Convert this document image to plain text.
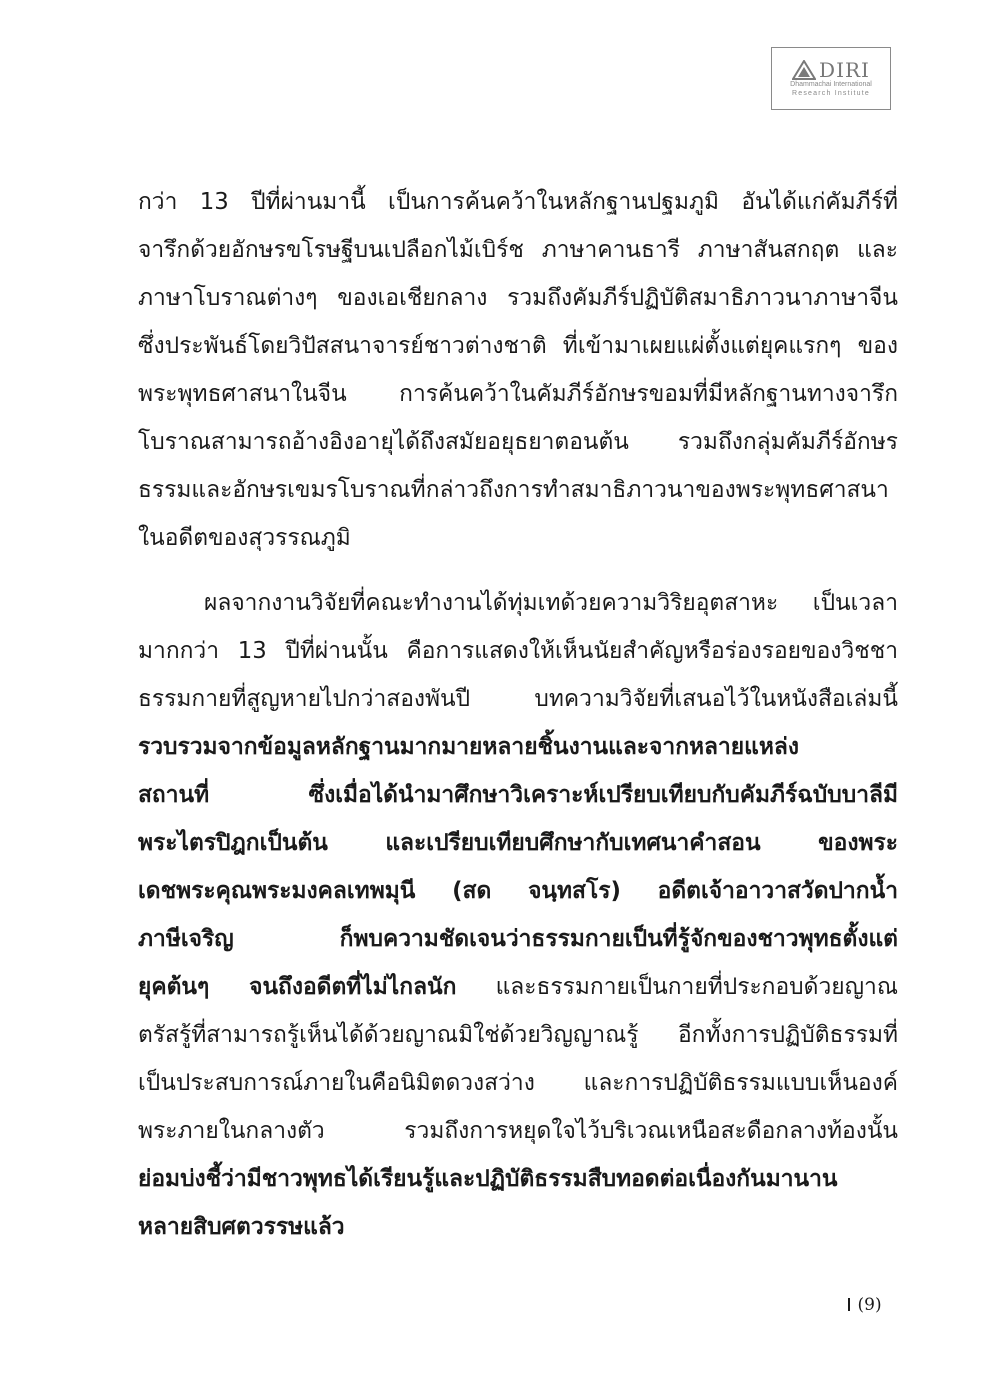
DIRI
Dhammachai International
Research Institute

กว่า 13 ปีที่ผ่านมานี้ เป็นการค้นคว้าในหลักฐานปฐมภูมิ อันได้แก่คัมภีร์ที่

จารึกด้วยอักษรขโรษฐีบนเปลือกไม้เบิร์ช ภาษาคานธารี ภาษาสันสกฤต และ

ภาษาโบราณต่างๆ ของเอเชียกลาง รวมถึงคัมภีร์ปฏิบัติสมาธิภาวนาภาษาจีน

ซึ่งประพันธ์โดยวิปัสสนาจารย์ชาวต่างชาติ ที่เข้ามาเผยแผ่ตั้งแต่ยุคแรกๆ ของ

พระพุทธศาสนาในจีน การค้นคว้าในคัมภีร์อักษรขอมที่มีหลักฐานทางจารึก

โบราณสามารถอ้างอิงอายุได้ถึงสมัยอยุธยาตอนต้น รวมถึงกลุ่มคัมภีร์อักษร

ธรรมและอักษรเขมรโบราณที่กล่าวถึงการทำสมาธิภาวนาของพระพุทธศาสนา

ในอดีตของสุวรรณภูมิ

ผลจากงานวิจัยที่คณะทำงานได้ทุ่มเทด้วยความวิริยอุตสาหะ เป็นเวลา

มากกว่า 13 ปีที่ผ่านนั้น คือการแสดงให้เห็นนัยสำคัญหรือร่องรอยของวิชชา

ธรรมกายที่สูญหายไปกว่าสองพันปี บทความวิจัยที่เสนอไว้ในหนังสือเล่มนี้

รวบรวมจากข้อมูลหลักฐานมากมายหลายชิ้นงานและจากหลายแหล่ง

สถานที่ ซึ่งเมื่อได้นำมาศึกษาวิเคราะห์เปรียบเทียบกับคัมภีร์ฉบับบาลีมี

พระไตรปิฎกเป็นต้น และเปรียบเทียบศึกษากับเทศนาคำสอน ของพระ

เดชพระคุณพระมงคลเทพมุนี (สด จนฺทสโร) อดีตเจ้าอาวาสวัดปากน้ำ

ภาษีเจริญ ก็พบความชัดเจนว่าธรรมกายเป็นที่รู้จักของชาวพุทธตั้งแต่

ยุคต้นๆ จนถึงอดีตที่ไม่ไกลนัก และธรรมกายเป็นกายที่ประกอบด้วยญาณ

ตรัสรู้ที่สามารถรู้เห็นได้ด้วยญาณมิใช่ด้วยวิญญาณรู้ อีกทั้งการปฏิบัติธรรมที่

เป็นประสบการณ์ภายในคือนิมิตดวงสว่าง และการปฏิบัติธรรมแบบเห็นองค์

พระภายในกลางตัว รวมถึงการหยุดใจไว้บริเวณเหนือสะดือกลางท้องนั้น

ย่อมบ่งชี้ว่ามีชาวพุทธได้เรียนรู้และปฏิบัติธรรมสืบทอดต่อเนื่องกันมานาน

หลายสิบศตวรรษแล้ว

(9)
